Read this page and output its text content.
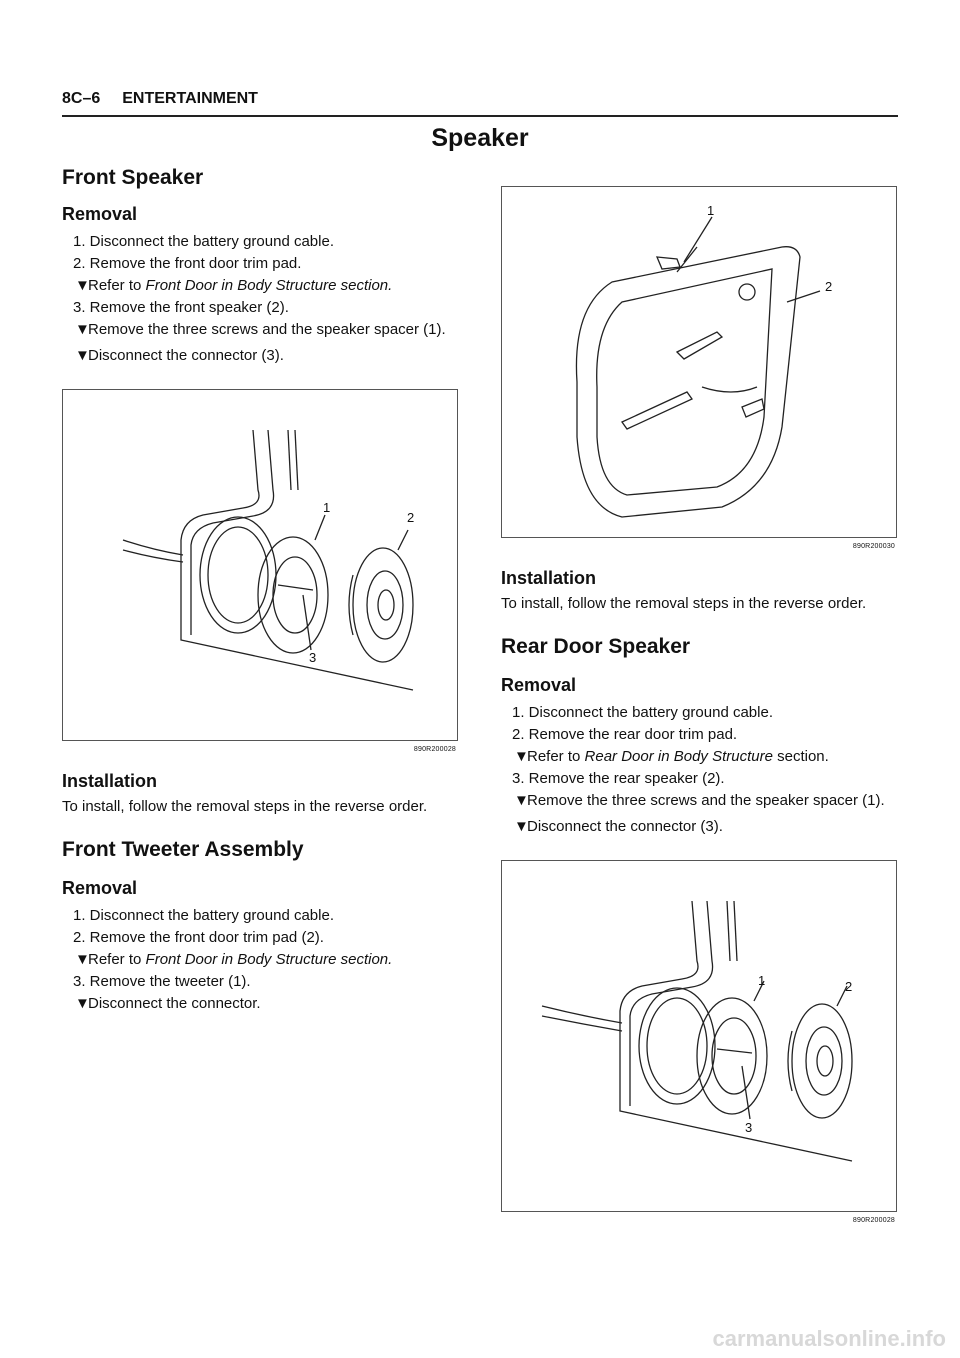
8C–6 ENTERTAINMENT
Speaker
Front Speaker
Removal
1. Disconnect the battery ground cable.
2. Remove the front door trim pad.
▼Refer to Front Door in Body Structure section.
3. Remove the front speaker (2).
▼Remove the three screws and the speaker spacer (1).
▼Disconnect the connector (3).
1
2
3
890R200028
Installation
To install, follow the removal steps in the reverse order.
Front Tweeter Assembly
Removal
1. Disconnect the battery ground cable.
2. Remove the front door trim pad (2).
▼Refer to Front Door in Body Structure section.
3. Remove the tweeter (1).
▼Disconnect the connector.
1
2
890R200030
Installation
To install, follow the removal steps in the reverse order.
Rear Door Speaker
Removal
1. Disconnect the battery ground cable.
2. Remove the rear door trim pad.
▼Refer to Rear Door in Body Structure section.
3. Remove the rear speaker (2).
▼Remove the three screws and the speaker spacer (1).
▼Disconnect the connector (3).
1	2
3
890R200028
carmanualsonline.info
